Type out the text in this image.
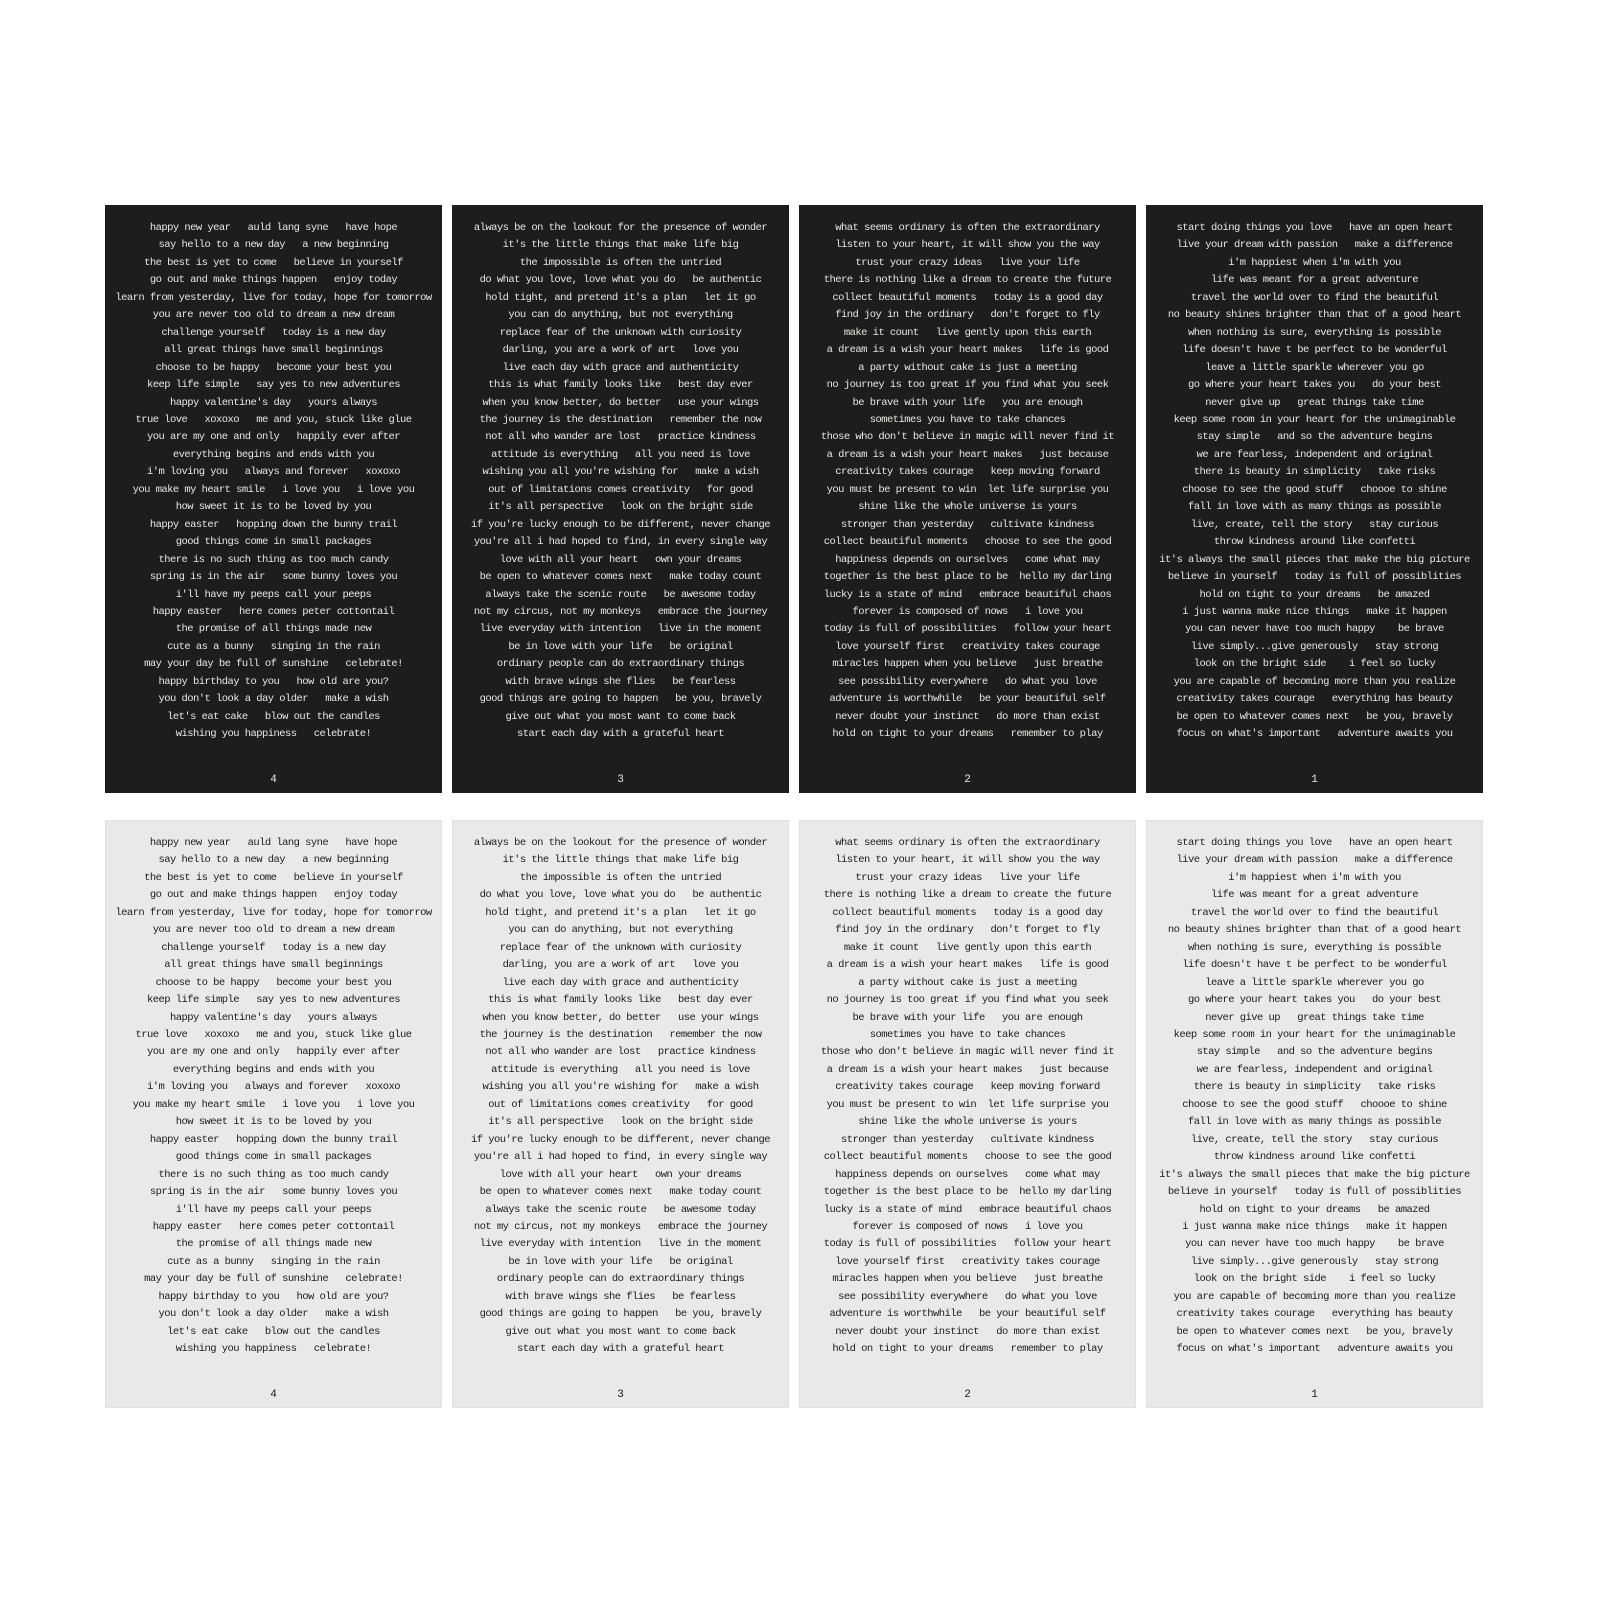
happy new year   auld lang syne   have hope
say hello to a new day   a new beginning
the best is yet to come   believe in yourself
go out and make things happen   enjoy today
learn from yesterday, live for today, hope for tomorrow
you are never too old to dream a new dream
challenge yourself   today is a new day
all great things have small beginnings
choose to be happy   become your best you
keep life simple   say yes to new adventures
happy valentine's day   yours always
true love   xoxoxo   me and you, stuck like glue
you are my one and only   happily ever after
everything begins and ends with you
i'm loving you   always and forever   xoxoxo
you make my heart smile   i love you   i love you
how sweet it is to be loved by you
happy easter   hopping down the bunny trail
good things come in small packages
there is no such thing as too much candy
spring is in the air   some bunny loves you
i'll have my peeps call your peeps
happy easter   here comes peter cottontail
the promise of all things made new
cute as a bunny   singing in the rain
may your day be full of sunshine   celebrate!
happy birthday to you   how old are you?
you don't look a day older   make a wish
let's eat cake   blow out the candles
wishing you happiness   celebrate!
4
always be on the lookout for the presence of wonder
it's the little things that make life big
the impossible is often the untried
do what you love, love what you do   be authentic
hold tight, and pretend it's a plan   let it go
you can do anything, but not everything
replace fear of the unknown with curiosity
darling, you are a work of art   love you
live each day with grace and authenticity
this is what family looks like   best day ever
when you know better, do better   use your wings
the journey is the destination   remember the now
not all who wander are lost   practice kindness
attitude is everything   all you need is love
wishing you all you're wishing for   make a wish
out of limitations comes creativity   for good
it's all perspective   look on the bright side
if you're lucky enough to be different, never change
you're all i had hoped to find, in every single way
love with all your heart   own your dreams
be open to whatever comes next   make today count
always take the scenic route   be awesome today
not my circus, not my monkeys   embrace the journey
live everyday with intention   live in the moment
be in love with your life   be original
ordinary people can do extraordinary things
with brave wings she flies   be fearless
good things are going to happen   be you, bravely
give out what you most want to come back
start each day with a grateful heart
3
what seems ordinary is often the extraordinary
listen to your heart, it will show you the way
trust your crazy ideas   live your life
there is nothing like a dream to create the future
collect beautiful moments   today is a good day
find joy in the ordinary   don't forget to fly
make it count   live gently upon this earth
a dream is a wish your heart makes   life is good
a party without cake is just a meeting
no journey is too great if you find what you seek
be brave with your life   you are enough
sometimes you have to take chances
those who don't believe in magic will never find it
a dream is a wish your heart makes   just because
creativity takes courage   keep moving forward
you must be present to win  let life surprise you
shine like the whole universe is yours
stronger than yesterday   cultivate kindness
collect beautiful moments   choose to see the good
happiness depends on ourselves   come what may
together is the best place to be  hello my darling
lucky is a state of mind   embrace beautiful chaos
forever is composed of nows   i love you
today is full of possibilities   follow your heart
love yourself first   creativity takes courage
miracles happen when you believe   just breathe
see possibility everywhere   do what you love
adventure is worthwhile   be your beautiful self
never doubt your instinct   do more than exist
hold on tight to your dreams   remember to play
2
start doing things you love   have an open heart
live your dream with passion   make a difference
i'm happiest when i'm with you
life was meant for a great adventure
travel the world over to find the beautiful
no beauty shines brighter than that of a good heart
when nothing is sure, everything is possible
life doesn't have t be perfect to be wonderful
leave a little sparkle wherever you go
go where your heart takes you   do your best
never give up   great things take time
keep some room in your heart for the unimaginable
stay simple   and so the adventure begins
we are fearless, independent and original
there is beauty in simplicity   take risks
choose to see the good stuff   choooe to shine
fall in love with as many things as possible
live, create, tell the story   stay curious
throw kindness around like confetti
it's always the small pieces that make the big picture
believe in yourself   today is full of possiblities
hold on tight to your dreams   be amazed
i just wanna make nice things   make it happen
you can never have too much happy    be brave
live simply...give generously   stay strong
look on the bright side    i feel so lucky
you are capable of becoming more than you realize
creativity takes courage   everything has beauty
be open to whatever comes next   be you, bravely
focus on what's important   adventure awaits you
1
happy new year   auld lang syne   have hope
say hello to a new day   a new beginning
the best is yet to come   believe in yourself
go out and make things happen   enjoy today
learn from yesterday, live for today, hope for tomorrow
you are never too old to dream a new dream
challenge yourself   today is a new day
all great things have small beginnings
choose to be happy   become your best you
keep life simple   say yes to new adventures
happy valentine's day   yours always
true love   xoxoxo   me and you, stuck like glue
you are my one and only   happily ever after
everything begins and ends with you
i'm loving you   always and forever   xoxoxo
you make my heart smile   i love you   i love you
how sweet it is to be loved by you
happy easter   hopping down the bunny trail
good things come in small packages
there is no such thing as too much candy
spring is in the air   some bunny loves you
i'll have my peeps call your peeps
happy easter   here comes peter cottontail
the promise of all things made new
cute as a bunny   singing in the rain
may your day be full of sunshine   celebrate!
happy birthday to you   how old are you?
you don't look a day older   make a wish
let's eat cake   blow out the candles
wishing you happiness   celebrate!
4
always be on the lookout for the presence of wonder
it's the little things that make life big
the impossible is often the untried
do what you love, love what you do   be authentic
hold tight, and pretend it's a plan   let it go
you can do anything, but not everything
replace fear of the unknown with curiosity
darling, you are a work of art   love you
live each day with grace and authenticity
this is what family looks like   best day ever
when you know better, do better   use your wings
the journey is the destination   remember the now
not all who wander are lost   practice kindness
attitude is everything   all you need is love
wishing you all you're wishing for   make a wish
out of limitations comes creativity   for good
it's all perspective   look on the bright side
if you're lucky enough to be different, never change
you're all i had hoped to find, in every single way
love with all your heart   own your dreams
be open to whatever comes next   make today count
always take the scenic route   be awesome today
not my circus, not my monkeys   embrace the journey
live everyday with intention   live in the moment
be in love with your life   be original
ordinary people can do extraordinary things
with brave wings she flies   be fearless
good things are going to happen   be you, bravely
give out what you most want to come back
start each day with a grateful heart
3
what seems ordinary is often the extraordinary
listen to your heart, it will show you the way
trust your crazy ideas   live your life
there is nothing like a dream to create the future
collect beautiful moments   today is a good day
find joy in the ordinary   don't forget to fly
make it count   live gently upon this earth
a dream is a wish your heart makes   life is good
a party without cake is just a meeting
no journey is too great if you find what you seek
be brave with your life   you are enough
sometimes you have to take chances
those who don't believe in magic will never find it
a dream is a wish your heart makes   just because
creativity takes courage   keep moving forward
you must be present to win  let life surprise you
shine like the whole universe is yours
stronger than yesterday   cultivate kindness
collect beautiful moments   choose to see the good
happiness depends on ourselves   come what may
together is the best place to be  hello my darling
lucky is a state of mind   embrace beautiful chaos
forever is composed of nows   i love you
today is full of possibilities   follow your heart
love yourself first   creativity takes courage
miracles happen when you believe   just breathe
see possibility everywhere   do what you love
adventure is worthwhile   be your beautiful self
never doubt your instinct   do more than exist
hold on tight to your dreams   remember to play
2
start doing things you love   have an open heart
live your dream with passion   make a difference
i'm happiest when i'm with you
life was meant for a great adventure
travel the world over to find the beautiful
no beauty shines brighter than that of a good heart
when nothing is sure, everything is possible
life doesn't have t be perfect to be wonderful
leave a little sparkle wherever you go
go where your heart takes you   do your best
never give up   great things take time
keep some room in your heart for the unimaginable
stay simple   and so the adventure begins
we are fearless, independent and original
there is beauty in simplicity   take risks
choose to see the good stuff   choooe to shine
fall in love with as many things as possible
live, create, tell the story   stay curious
throw kindness around like confetti
it's always the small pieces that make the big picture
believe in yourself   today is full of possiblities
hold on tight to your dreams   be amazed
i just wanna make nice things   make it happen
you can never have too much happy    be brave
live simply...give generously   stay strong
look on the bright side    i feel so lucky
you are capable of becoming more than you realize
creativity takes courage   everything has beauty
be open to whatever comes next   be you, bravely
focus on what's important   adventure awaits you
1
